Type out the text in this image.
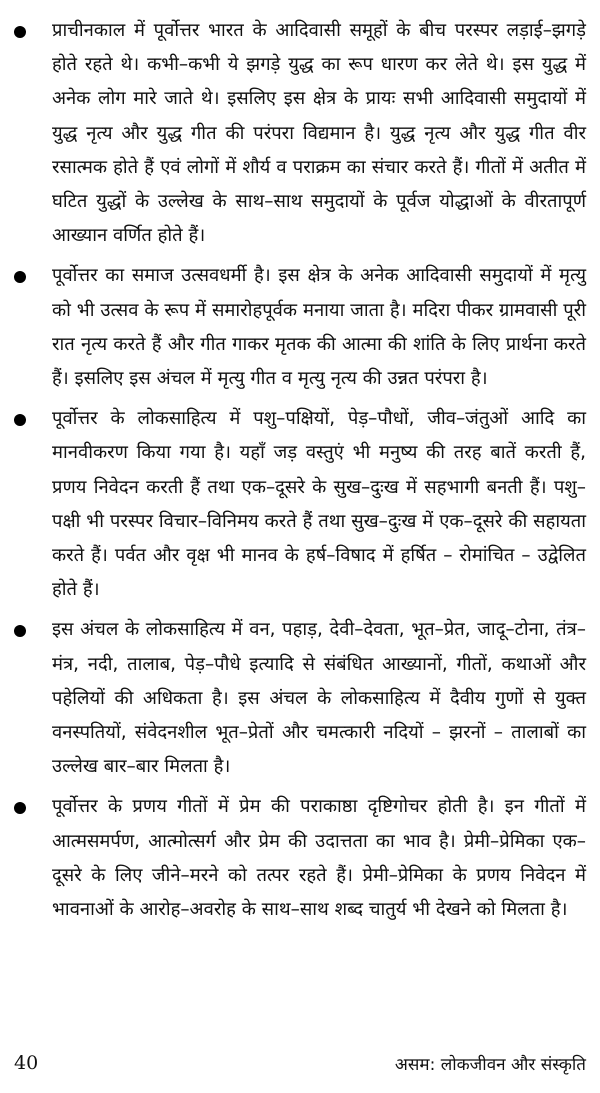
प्राचीनकाल में पूर्वोत्तर भारत के आदिवासी समूहों के बीच परस्पर लड़ाई–झगड़े होते रहते थे। कभी–कभी ये झगड़े युद्ध का रूप धारण कर लेते थे। इस युद्ध में अनेक लोग मारे जाते थे। इसलिए इस क्षेत्र के प्रायः सभी आदिवासी समुदायों में युद्ध नृत्य और युद्ध गीत की परंपरा विद्यमान है। युद्ध नृत्य और युद्ध गीत वीर रसात्मक होते हैं एवं लोगों में शौर्य व पराक्रम का संचार करते हैं। गीतों में अतीत में घटित युद्धों के उल्लेख के साथ–साथ समुदायों के पूर्वज योद्धाओं के वीरतापूर्ण आख्यान वर्णित होते हैं।

पूर्वोत्तर का समाज उत्सवधर्मी है। इस क्षेत्र के अनेक आदिवासी समुदायों में मृत्यु को भी उत्सव के रूप में समारोहपूर्वक मनाया जाता है। मदिरा पीकर ग्रामवासी पूरी रात नृत्य करते हैं और गीत गाकर मृतक की आत्मा की शांति के लिए प्रार्थना करते हैं। इसलिए इस अंचल में मृत्यु गीत व मृत्यु नृत्य की उन्नत परंपरा है।

पूर्वोत्तर के लोकसाहित्य में पशु–पक्षियों, पेड़–पौधों, जीव–जंतुओं आदि का मानवीकरण किया गया है। यहाँ जड़ वस्तुएं भी मनुष्य की तरह बातें करती हैं, प्रणय निवेदन करती हैं तथा एक–दूसरे के सुख–दुःख में सहभागी बनती हैं। पशु–पक्षी भी परस्पर विचार–विनिमय करते हैं तथा सुख–दुःख में एक–दूसरे की सहायता करते हैं। पर्वत और वृक्ष भी मानव के हर्ष–विषाद में हर्षित – रोमांचित – उद्वेलित होते हैं।

इस अंचल के लोकसाहित्य में वन, पहाड़, देवी–देवता, भूत–प्रेत, जादू–टोना, तंत्र–मंत्र, नदी, तालाब, पेड़–पौधे इत्यादि से संबंधित आख्यानों, गीतों, कथाओं और पहेलियों की अधिकता है। इस अंचल के लोकसाहित्य में दैवीय गुणों से युक्त वनस्पतियों, संवेदनशील भूत–प्रेतों और चमत्कारी नदियों – झरनों – तालाबों का उल्लेख बार–बार मिलता है।

पूर्वोत्तर के प्रणय गीतों में प्रेम की पराकाष्ठा दृष्टिगोचर होती है। इन गीतों में आत्मसमर्पण, आत्मोत्सर्ग और प्रेम की उदात्तता का भाव है। प्रेमी–प्रेमिका एक–दूसरे के लिए जीने–मरने को तत्पर रहते हैं। प्रेमी–प्रेमिका के प्रणय निवेदन में भावनाओं के आरोह–अवरोह के साथ–साथ शब्द चातुर्य भी देखने को मिलता है।

40	असम: लोकजीवन और संस्कृति
